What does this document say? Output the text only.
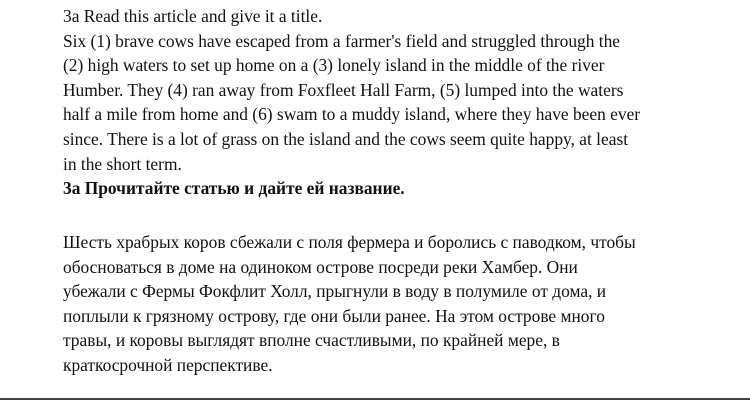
3a Read this article and give it a title.
Six (1) brave cows have escaped from a farmer's field and struggled through the
(2) high waters to set up home on a (3) lonely island in the middle of the river
Humber. They (4) ran away from Foxfleet Hall Farm, (5) lumped into the waters
half a mile from home and (6) swam to a muddy island, where they have been ever
since. There is a lot of grass on the island and the cows seem quite happy, at least
in the short term.
3а Прочитайте статью и дайте ей название.
Шесть храбрых коров сбежали с поля фермера и боролись с паводком, чтобы
обосноваться в доме на одиноком острове посреди реки Хамбер. Они
убежали с Фермы Фокфлит Холл, прыгнули в воду в полумиле от дома, и
поплыли к грязному острову, где они были ранее. На этом острове много
травы, и коровы выглядят вполне счастливыми, по крайней мере, в
краткосрочной перспективе.
